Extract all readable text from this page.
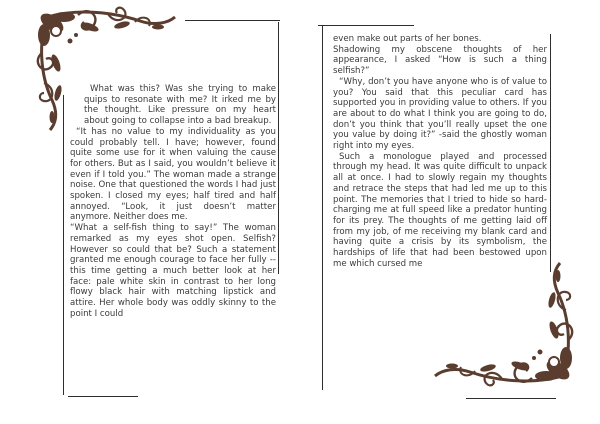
What was this? Was she trying to make quips to resonate with me? It irked me by the thought. Like pressure on my heart about going to collapse into a bad breakup.

“It has no value to my individuality as you could probably tell. I have; however, found quite some use for it when valuing the cause for others. But as I said, you wouldn’t believe it even if I told you.” The woman made a strange noise. One that questioned the words I had just spoken. I closed my eyes; half tired and half annoyed. “Look, it just doesn’t matter anymore. Neither does me.

“What a self-fish thing to say!” The woman remarked as my eyes shot open. Selfish? However so could that be? Such a statement granted me enough courage to face her fully -- this time getting a much better look at her face: pale white skin in contrast to her long flowy black hair with matching lipstick and attire. Her whole body was oddly skinny to the point I could

even make out parts of her bones.

Shadowing my obscene thoughts of her appearance, I asked “How is such a thing selfish?”

“Why, don’t you have anyone who is of value to you? You said that this peculiar card has supported you in providing value to others. If you are about to do what I think you are going to do, don’t you think that you’ll really upset the one you value by doing it?” -said the ghostly woman right into my eyes.

Such a monologue played and processed through my head. It was quite difficult to unpack all at once. I had to slowly regain my thoughts and retrace the steps that had led me up to this point. The memories that I tried to hide so hard-charging me at full speed like a predator hunting for its prey. The thoughts of me getting laid off from my job, of me receiving my blank card and having quite a crisis by its symbolism, the hardships of life that had been bestowed upon me which cursed me
